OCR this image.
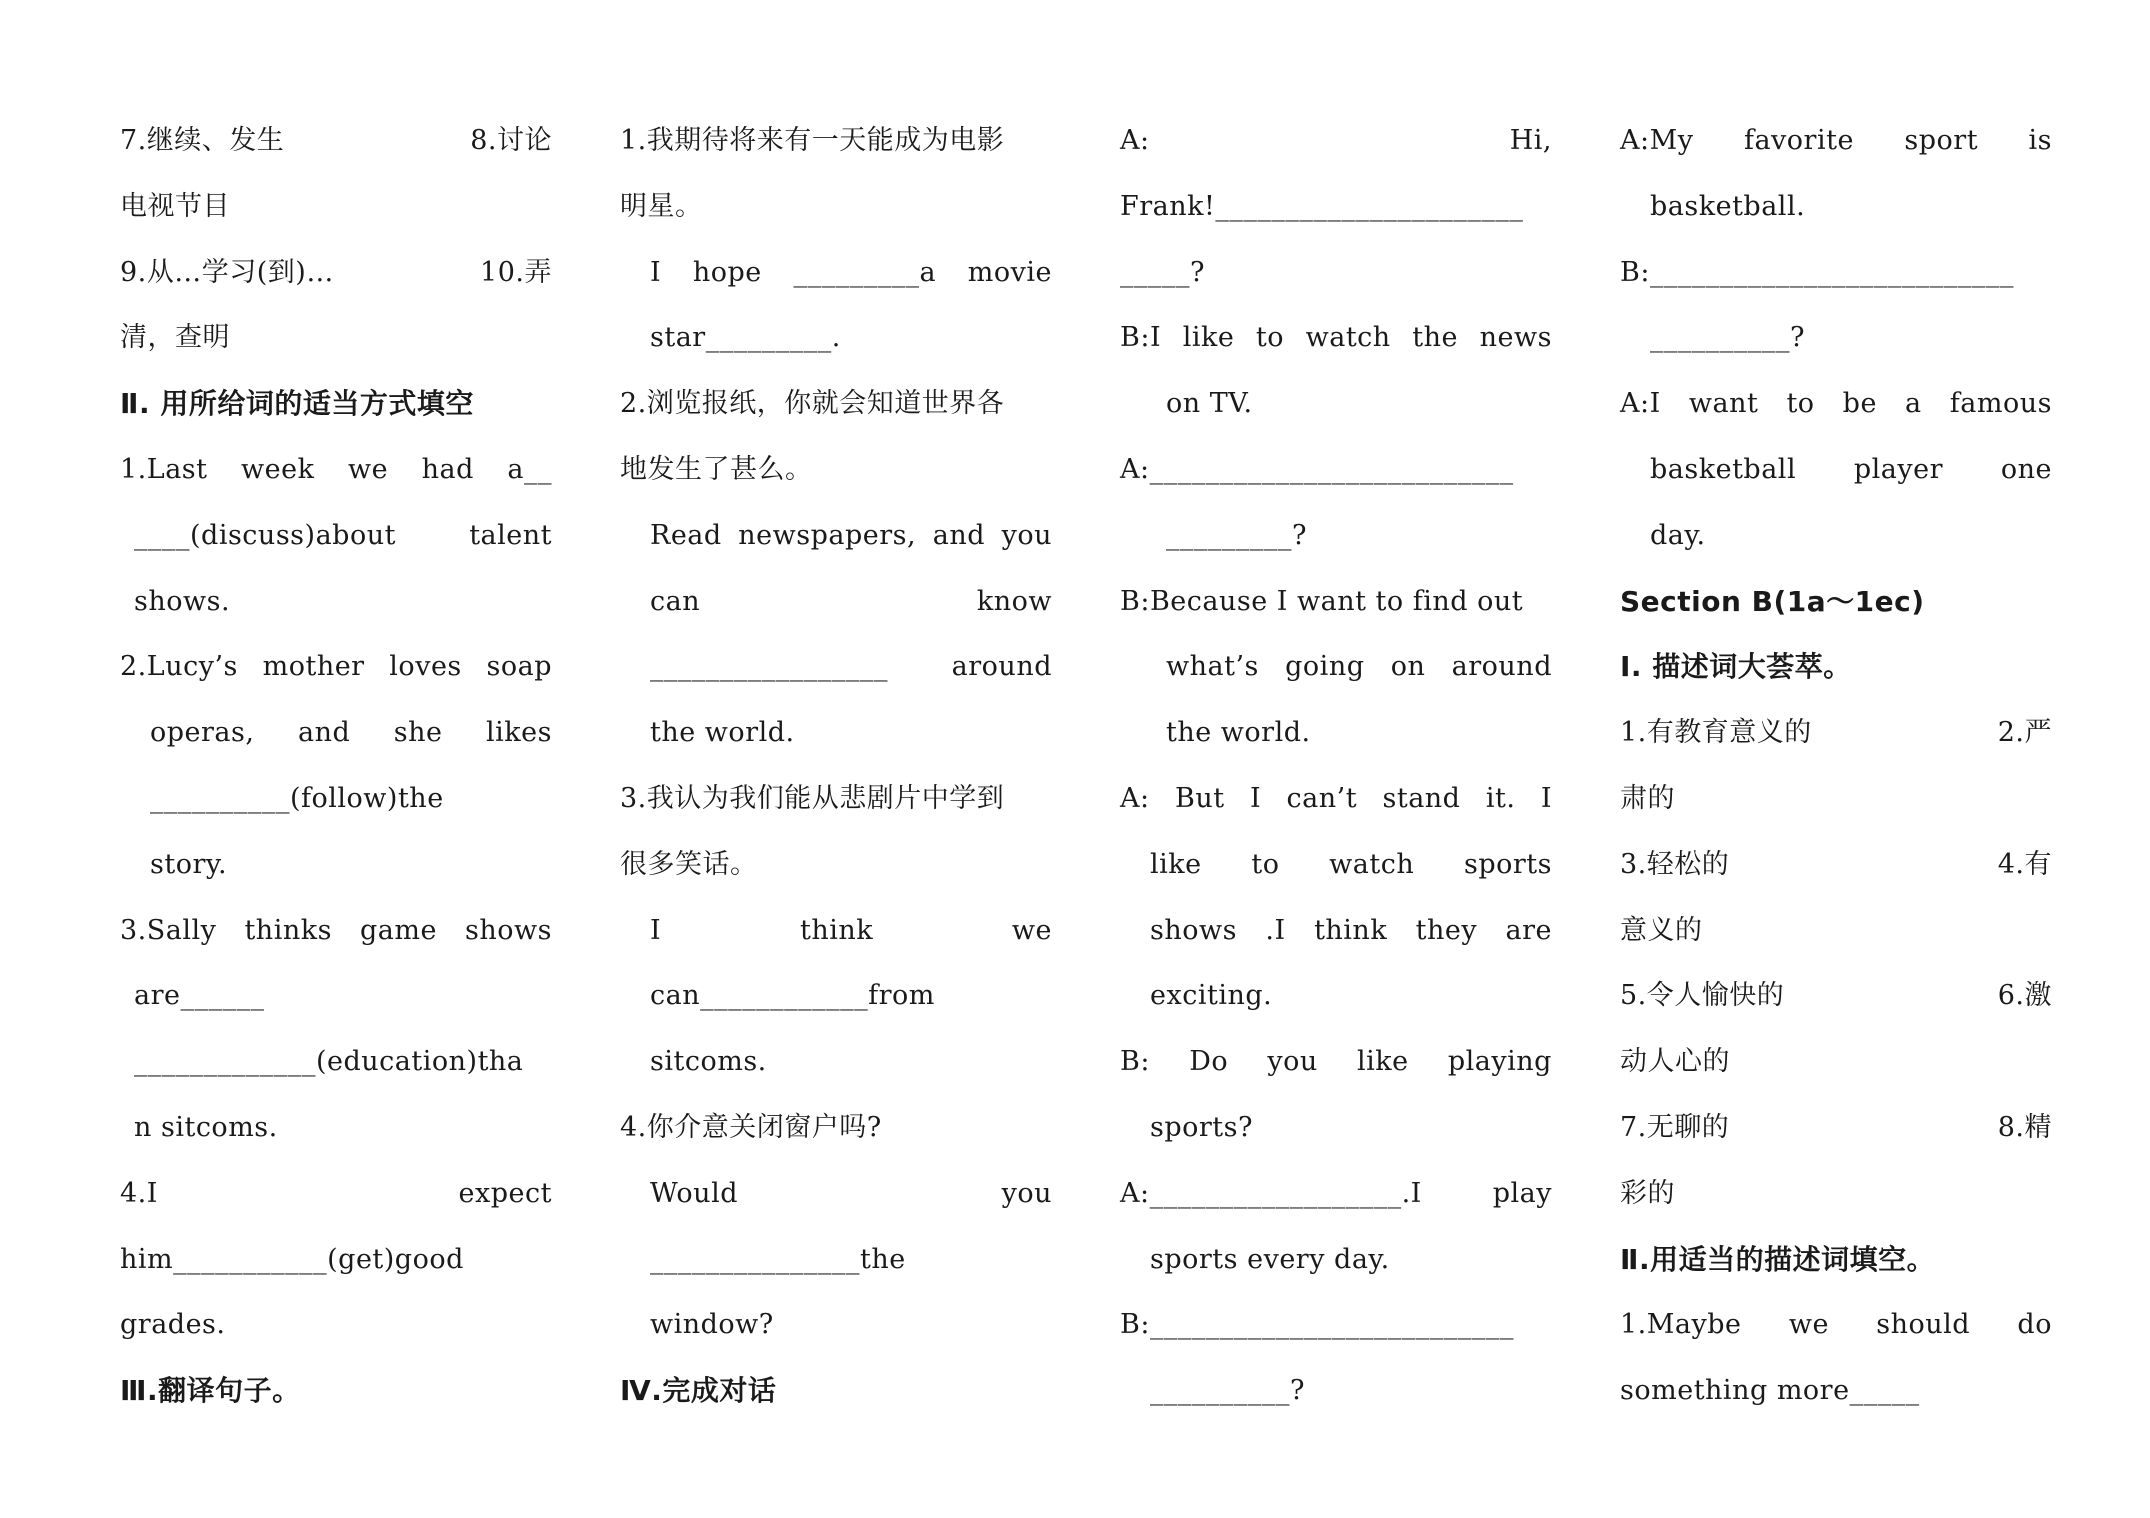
7.继续、发生	8.讨论
电视节目
9.从…学习(到)…	10.弄
清，查明
Ⅱ. 用所给词的适当方式填空
1.Last week we had a__
____(discuss)about	talent
shows.
2.Lucy’s mother loves soap
operas, and she likes
__________(follow)the
story.
3.Sally thinks game shows
are______
_____________(education)tha
n sitcoms.
4.I	expect
him___________(get)good
grades.
Ⅲ.翻译句子。
1.我期待将来有一天能成为电影
明星。
I hope _________a movie
star_________.
2.浏览报纸，你就会知道世界各
地发生了甚么。
Read newspapers, and you
can	know
_________________ around
the world.
3.我认为我们能从悲剧片中学到
很多笑话。
I	think	we
can____________from
sitcoms.
4.你介意关闭窗户吗?
Would	you
_______________the
window?
Ⅳ.完成对话
A:	Hi,
Frank!______________________
_____?
B:I like to watch the news
on TV.
A:__________________________
_________?
B:Because I want to find out
what’s going on around
the world.
A: But I can’t stand it. I
like to watch sports
shows .I think they are
exciting.
B: Do you like playing
sports?
A:__________________.I	play
sports every day.
B:__________________________
__________?
A:My favorite sport is
basketball.
B:__________________________
__________?
A:I want to be a famous
basketball player one
day.
Section B(1a～1ec)
Ⅰ. 描述词大荟萃。
1.有教育意义的	2.严
肃的
3.轻松的	4.有
意义的
5.令人愉快的	6.激
动人心的
7.无聊的	8.精
彩的
Ⅱ.用适当的描述词填空。
1.Maybe we should do
something more_____
